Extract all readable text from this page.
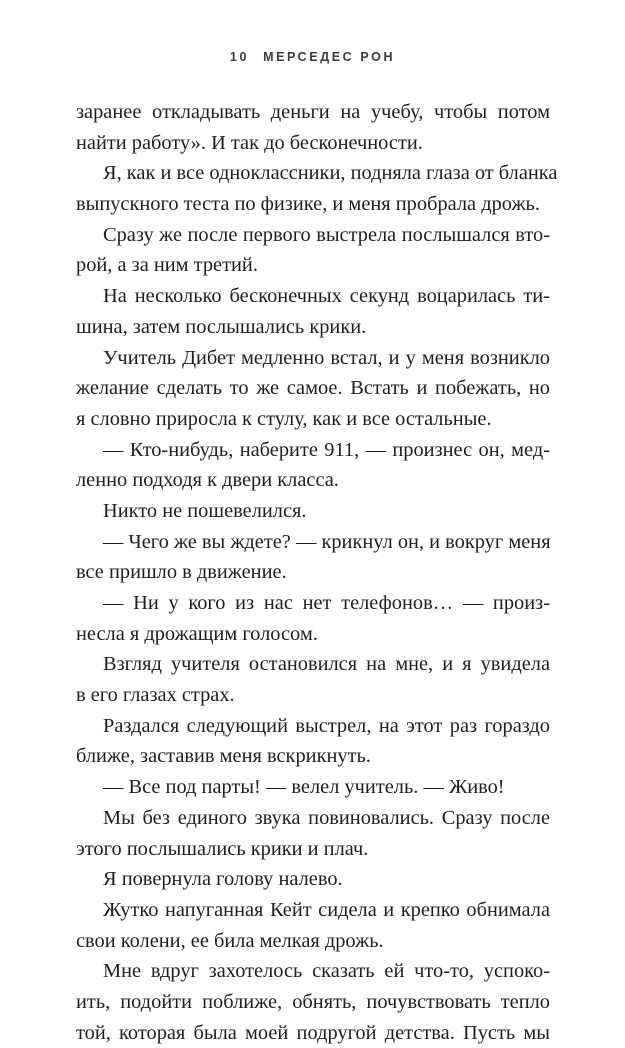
10 МЕРСЕДЕС РОН
заранее откладывать деньги на учебу, чтобы потом
найти работу». И так до бесконечности.
Я, как и все одноклассники, подняла глаза от бланка
выпускного теста по физике, и меня пробрала дрожь.
Сразу же после первого выстрела послышался вто-
рой, а за ним третий.
На несколько бесконечных секунд воцарилась ти-
шина, затем послышались крики.
Учитель Дибет медленно встал, и у меня возникло
желание сделать то же самое. Встать и побежать, но
я словно приросла к стулу, как и все остальные.
— Кто-нибудь, наберите 911, — произнес он, мед-
ленно подходя к двери класса.
Никто не пошевелился.
— Чего же вы ждете? — крикнул он, и вокруг меня
все пришло в движение.
— Ни у кого из нас нет телефонов… — произ-
несла я дрожащим голосом.
Взгляд учителя остановился на мне, и я увидела
в его глазах страх.
Раздался следующий выстрел, на этот раз гораздо
ближе, заставив меня вскрикнуть.
— Все под парты! — велел учитель. — Живо!
Мы без единого звука повиновались. Сразу после
этого послышались крики и плач.
Я повернула голову налево.
Жутко напуганная Кейт сидела и крепко обнимала
свои колени, ее била мелкая дрожь.
Мне вдруг захотелось сказать ей что-то, успоко-
ить, подойти поближе, обнять, почувствовать тепло
той, которая была моей подругой детства. Пусть мы
